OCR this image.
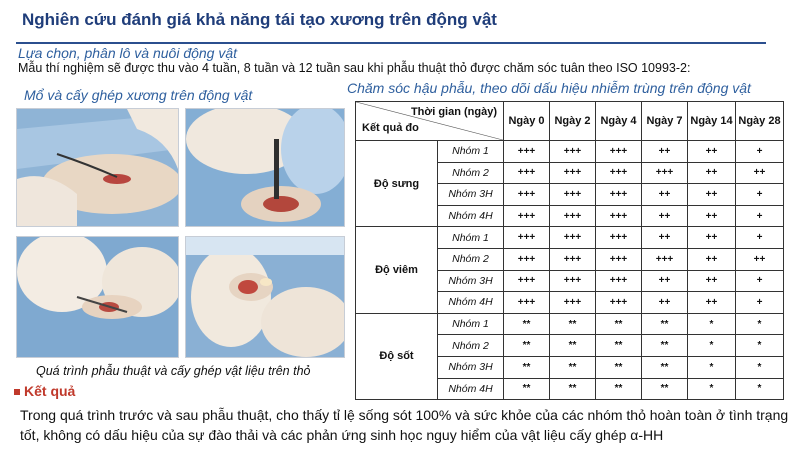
Nghiên cứu đánh giá khả năng tái tạo xương trên động vật
Lựa chọn, phân lô và nuôi động vật
Mẫu thí nghiệm sẽ được thu vào 4 tuần, 8 tuần và 12 tuần sau khi phẫu thuật thỏ được chăm sóc tuân theo ISO 10993-2:
Mổ và cấy ghép xương trên động vật	Chăm sóc hậu phẫu, theo dõi dấu hiệu nhiễm trùng trên động vật
Quá trình phẫu thuật và cấy ghép vật liệu trên thỏ
Thời gian (ngày)
Kết quả đo		Ngày 0	Ngày 2	Ngày 4	Ngày 7	Ngày 14	Ngày 28
Độ sưng	Nhóm 1	+++	+++	+++	++	++	+
	Nhóm 2	+++	+++	+++	+++	++	++
	Nhóm 3H	+++	+++	+++	++	++	+
	Nhóm 4H	+++	+++	+++	++	++	+
Độ viêm	Nhóm 1	+++	+++	+++	++	++	+
	Nhóm 2	+++	+++	+++	+++	++	++
	Nhóm 3H	+++	+++	+++	++	++	+
	Nhóm 4H	+++	+++	+++	++	++	+
Độ sốt	Nhóm 1	**	**	**	**	*	*
	Nhóm 2	**	**	**	**	*	*
	Nhóm 3H	**	**	**	**	*	*
	Nhóm 4H	**	**	**	**	*	*
Kết quả
Trong quá trình trước và sau phẫu thuật, cho thấy tỉ lệ sống sót 100% và sức khỏe của các nhóm thỏ hoàn toàn ở tình trạng tốt, không có dấu hiệu của sự đào thải và các phản ứng sinh học nguy hiểm của vật liệu cấy ghép α-HH
